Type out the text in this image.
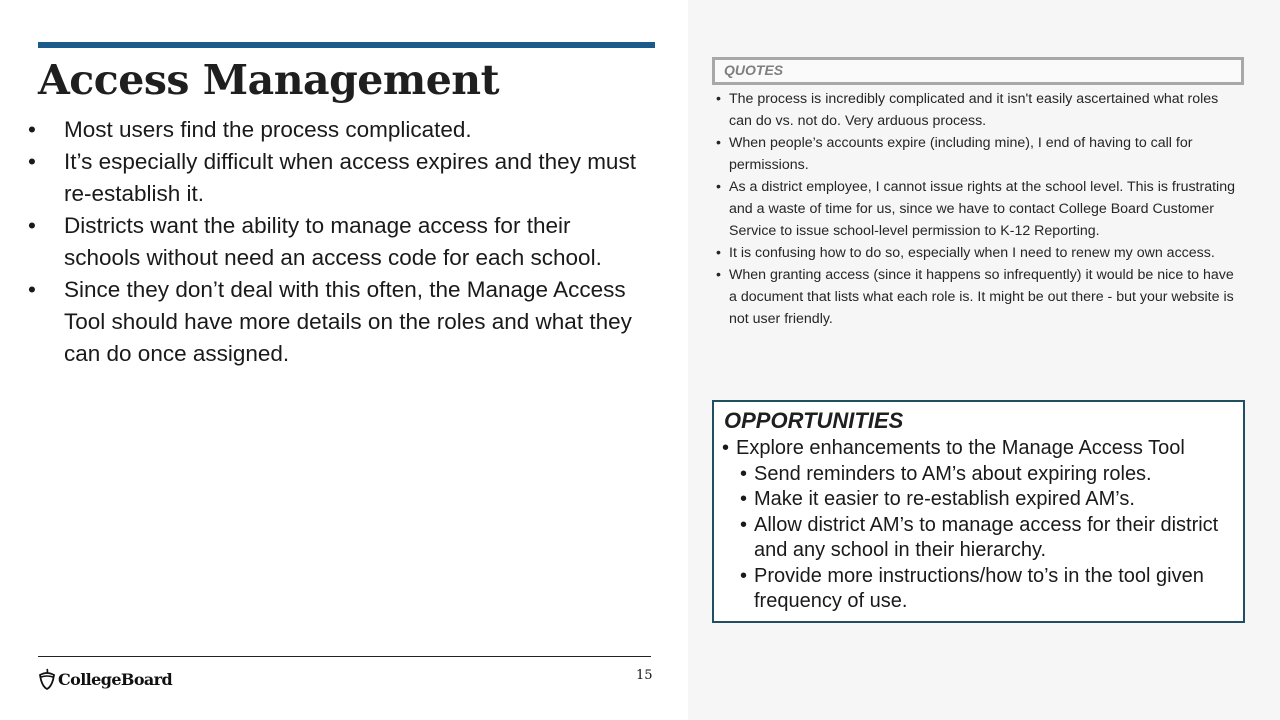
Access Management
• Most users find the process complicated.
• It’s especially difficult when access expires and they must re-establish it.
• Districts want the ability to manage access for their schools without need an access code for each school.
• Since they don’t deal with this often, the Manage Access Tool should have more details on the roles and what they can do once assigned.
QUOTES
• The process is incredibly complicated and it isn't easily ascertained what roles can do vs. not do. Very arduous process.
• When people’s accounts expire (including mine), I end of having to call for permissions.
• As a district employee, I cannot issue rights at the school level. This is frustrating and a waste of time for us, since we have to contact College Board Customer Service to issue school-level permission to K-12 Reporting.
• It is confusing how to do so, especially when I need to renew my own access.
• When granting access (since it happens so infrequently) it would be nice to have a document that lists what each role is. It might be out there - but your website is not user friendly.
OPPORTUNITIES
• Explore enhancements to the Manage Access Tool
• Send reminders to AM’s about expiring roles.
• Make it easier to re-establish expired AM’s.
• Allow district AM’s to manage access for their district and any school in their hierarchy.
• Provide more instructions/how to’s in the tool given frequency of use.
CollegeBoard	15
